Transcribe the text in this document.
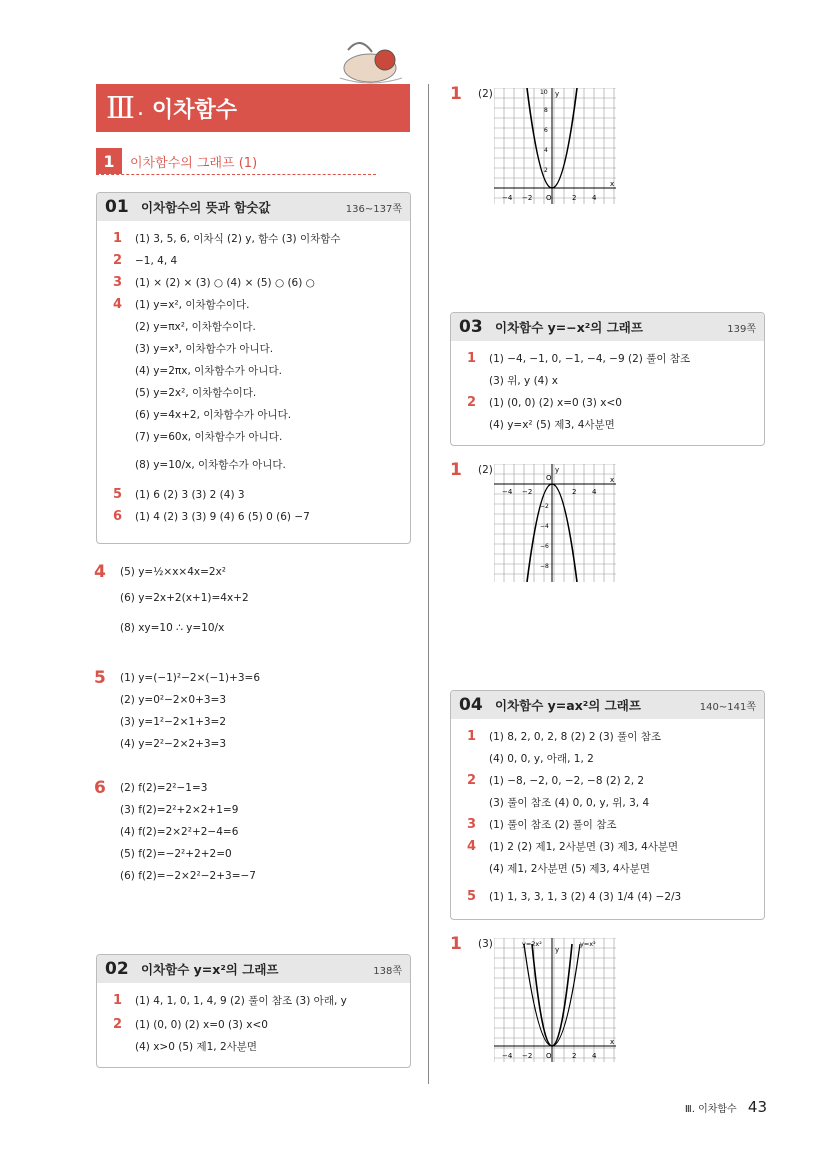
Ⅲ . 이차함수
1	이차함수의 그래프 (1)
01 이차함수의 뜻과 함숫값	136~137쪽
1 (1) 3, 5, 6, 이차식 (2) y, 함수 (3) 이차함수
2 −1, 4, 4
3 (1) × (2) × (3) ○ (4) × (5) ○ (6) ○
4 (1) y=x², 이차함수이다.
(2) y=πx², 이차함수이다.
(3) y=x³, 이차함수가 아니다.
(4) y=2πx, 이차함수가 아니다.
(5) y=2x², 이차함수이다.
(6) y=4x+2, 이차함수가 아니다.
(7) y=60x, 이차함수가 아니다.
(8) y=10/x, 이차함수가 아니다.
5 (1) 6 (2) 3 (3) 2 (4) 3
6 (1) 4 (2) 3 (3) 9 (4) 6 (5) 0 (6) −7
4 (5) y=½×x×4x=2x²
(6) y=2x+2(x+1)=4x+2
(8) xy=10 ∴ y=10/x
5 (1) y=(−1)²−2×(−1)+3=6
(2) y=0²−2×0+3=3
(3) y=1²−2×1+3=2
(4) y=2²−2×2+3=3
6 (2) f(2)=2²−1=3
(3) f(2)=2²+2×2+1=9
(4) f(2)=2×2²+2−4=6
(5) f(2)=−2²+2+2=0
(6) f(2)=−2×2²−2+3=−7
02 이차함수 y=x²의 그래프	138쪽
1 (1) 4, 1, 0, 1, 4, 9 (2) 풀이 참조 (3) 아래, y
2 (1) (0, 0) (2) x=0 (3) x<0
(4) x>0 (5) 제1, 2사분면
1 (2)
−4 −2 O	2 4
10
8
6
4
2
x
y
03 이차함수 y=−x²의 그래프	139쪽
1 (1) −4, −1, 0, −1, −4, −9 (2) 풀이 참조
(3) 위, y (4) x
2 (1) (0, 0) (2) x=0 (3) x<0
(4) y=x² (5) 제3, 4사분면
1 (2)
−4 −2
O
2 4
−2
−4
−6
−8
x
y
04 이차함수 y=ax²의 그래프	140~141쪽
1 (1) 8, 2, 0, 2, 8 (2) 2 (3) 풀이 참조
(4) 0, 0, y, 아래, 1, 2
2 (1) −8, −2, 0, −2, −8 (2) 2, 2
(3) 풀이 참조 (4) 0, 0, y, 위, 3, 4
3 (1) 풀이 참조 (2) 풀이 참조
4 (1) 2 (2) 제1, 2사분면 (3) 제3, 4사분면
(4) 제1, 2사분면 (5) 제3, 4사분면
5 (1) 1, 3, 3, 1, 3 (2) 4 (3) 1/4 (4) −2/3
1 (3)	y=2x²	y=x²
−4 −2 O	2 4
x
y
Ⅲ. 이차함수 43
